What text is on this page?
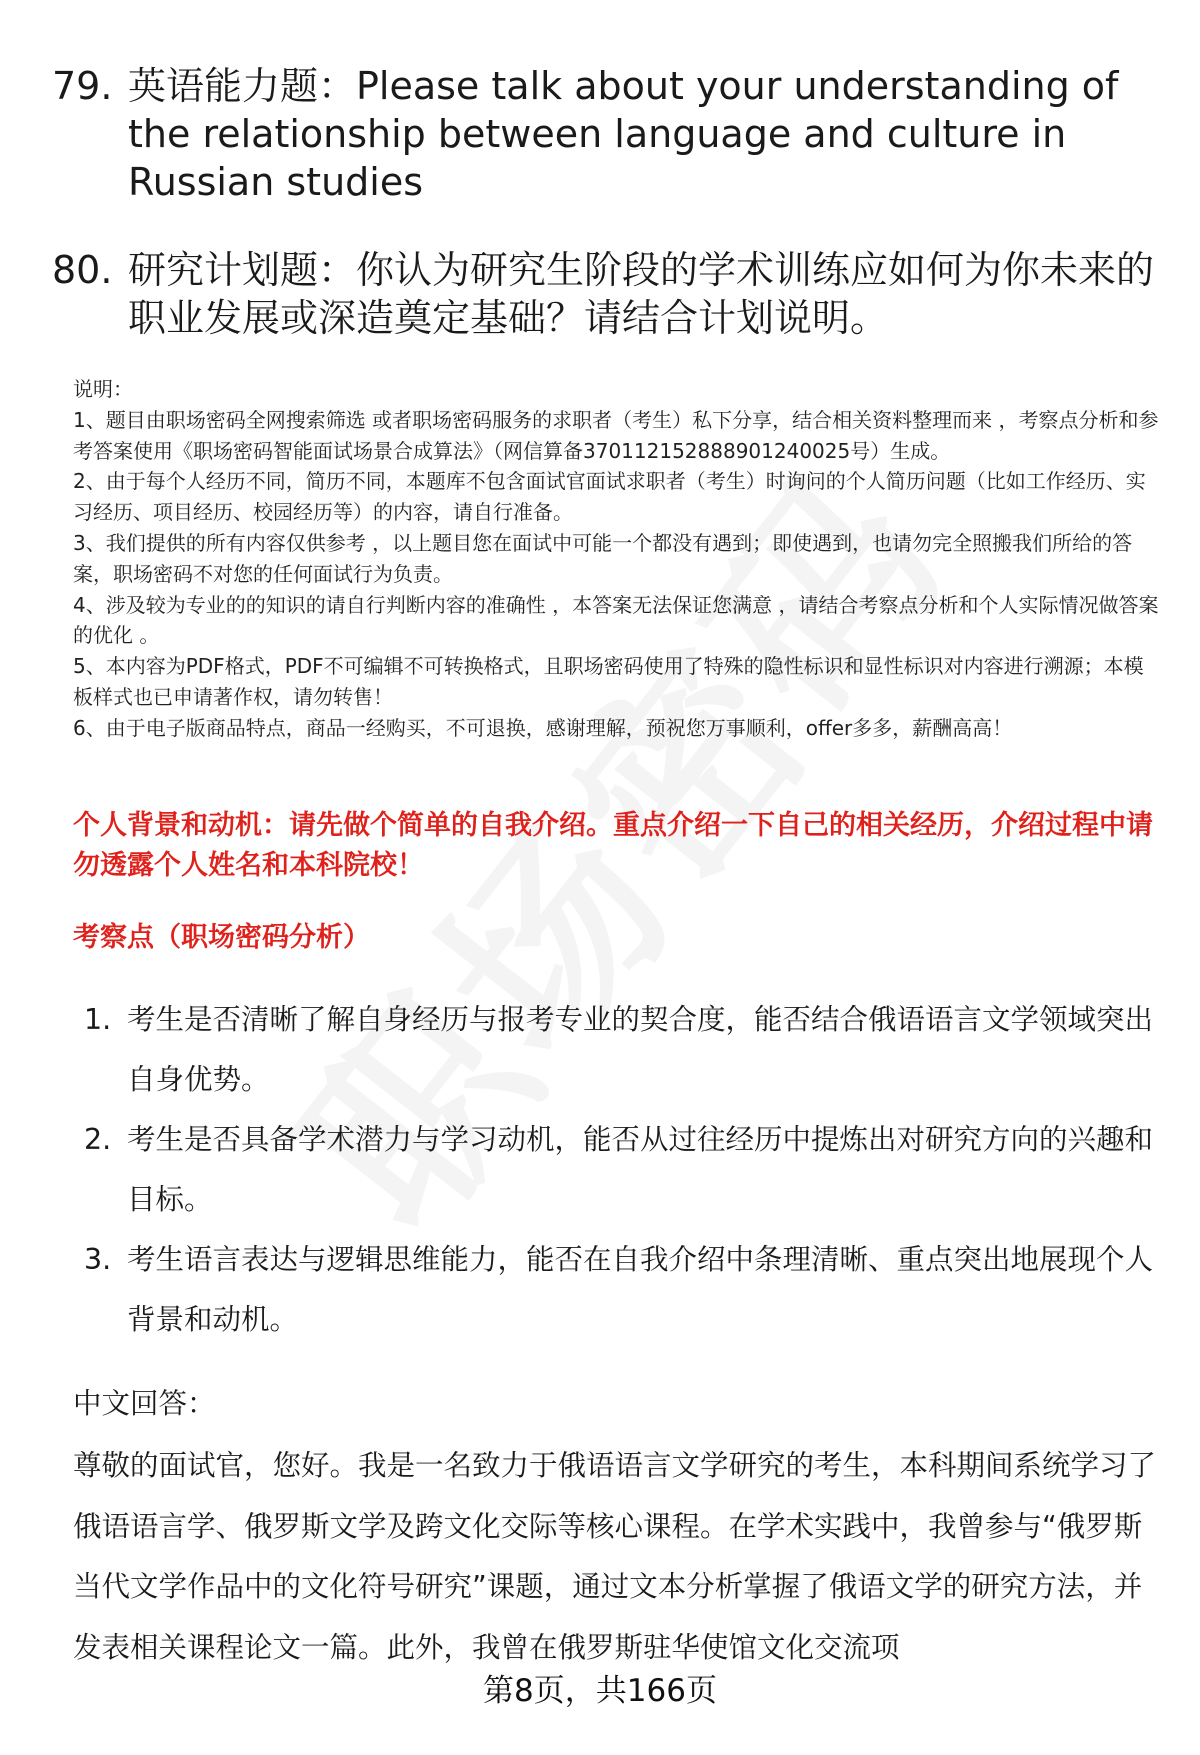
79. 英语能力题：Please talk about your understanding of the relationship between language and culture in Russian studies
80. 研究计划题：你认为研究生阶段的学术训练应如何为你未来的职业发展或深造奠定基础？请结合计划说明。

说明：

1、题目由职场密码全网搜索筛选 或者职场密码服务的求职者（考生）私下分享，结合相关资料整理而来 ，考察点分析和参考答案使用《职场密码智能面试场景合成算法》（网信算备370112152888901240025号）生成。

2、由于每个人经历不同，简历不同，本题库不包含面试官面试求职者（考生）时询问的个人简历问题（比如工作经历、实习经历、项目经历、校园经历等）的内容，请自行准备。

3、我们提供的所有内容仅供参考 ，以上题目您在面试中可能一个都没有遇到；即使遇到，也请勿完全照搬我们所给的答案，职场密码不对您的任何面试行为负责。

4、涉及较为专业的的知识的请自行判断内容的准确性 ，本答案无法保证您满意 ，请结合考察点分析和个人实际情况做答案的优化 。

5、本内容为PDF格式，PDF不可编辑不可转换格式，且职场密码使用了特殊的隐性标识和显性标识对内容进行溯源；本模板样式也已申请著作权，请勿转售！

6、由于电子版商品特点，商品一经购买，不可退换，感谢理解，预祝您万事顺利，offer多多，薪酬高高！

个人背景和动机：请先做个简单的自我介绍。重点介绍一下自己的相关经历，介绍过程中请勿透露个人姓名和本科院校！
考察点（职场密码分析）
1. 考生是否清晰了解自身经历与报考专业的契合度，能否结合俄语语言文学领域突出自身优势。
2. 考生是否具备学术潜力与学习动机，能否从过往经历中提炼出对研究方向的兴趣和目标。
3. 考生语言表达与逻辑思维能力，能否在自我介绍中条理清晰、重点突出地展现个人背景和动机。
中文回答：

尊敬的面试官，您好。我是一名致力于俄语语言文学研究的考生，本科期间系统学习了俄语语言学、俄罗斯文学及跨文化交际等核心课程。在学术实践中，我曾参与“俄罗斯当代文学作品中的文化符号研究”课题，通过文本分析掌握了俄语文学的研究方法，并发表相关课程论文一篇。此外，我曾在俄罗斯驻华使馆文化交流项

第8页，共166页
